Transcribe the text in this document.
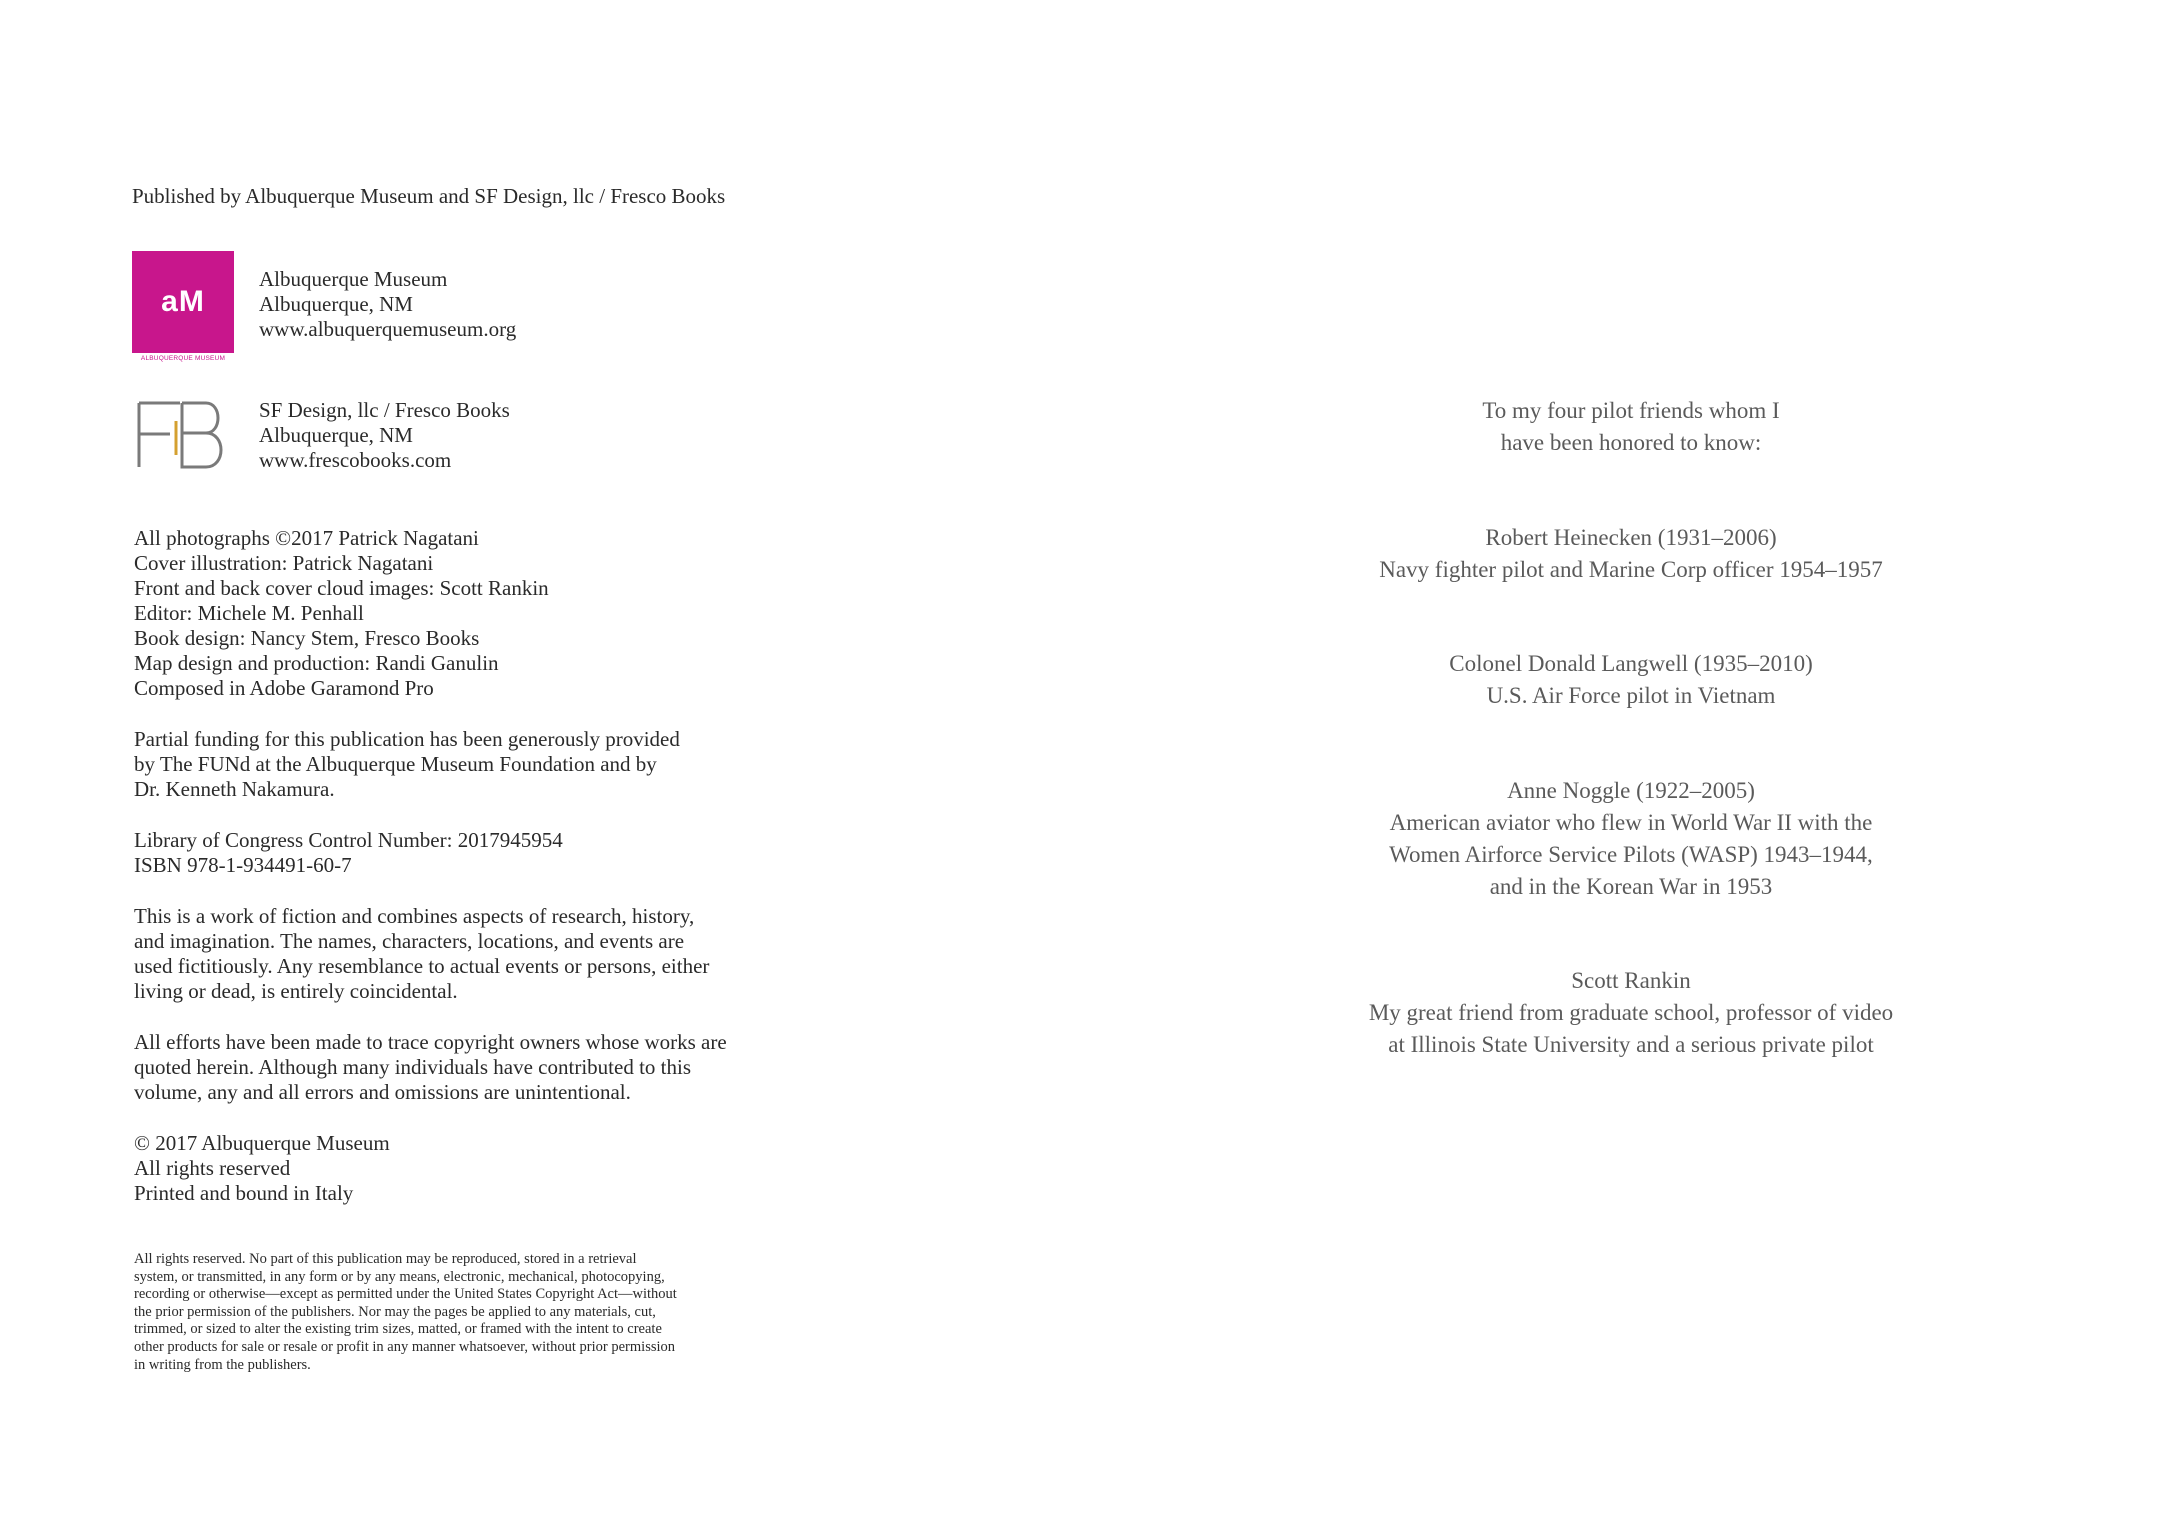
Published by Albuquerque Museum and SF Design, llc / Fresco Books
aM
ALBUQUERQUE MUSEUM
Albuquerque Museum
Albuquerque, NM
www.albuquerquemuseum.org
SF Design, llc / Fresco Books
Albuquerque, NM
www.frescobooks.com
All photographs ©2017 Patrick Nagatani
Cover illustration: Patrick Nagatani
Front and back cover cloud images: Scott Rankin
Editor: Michele M. Penhall
Book design: Nancy Stem, Fresco Books
Map design and production: Randi Ganulin
Composed in Adobe Garamond Pro
Partial funding for this publication has been generously provided
by The FUNd at the Albuquerque Museum Foundation and by
Dr. Kenneth Nakamura.
Library of Congress Control Number: 2017945954
ISBN 978-1-934491-60-7
This is a work of fiction and combines aspects of research, history,
and imagination. The names, characters, locations, and events are
used fictitiously. Any resemblance to actual events or persons, either
living or dead, is entirely coincidental.
All efforts have been made to trace copyright owners whose works are
quoted herein. Although many individuals have contributed to this
volume, any and all errors and omissions are unintentional.
© 2017 Albuquerque Museum
All rights reserved
Printed and bound in Italy
All rights reserved. No part of this publication may be reproduced, stored in a retrieval
system, or transmitted, in any form or by any means, electronic, mechanical, photocopying,
recording or otherwise—except as permitted under the United States Copyright Act—without
the prior permission of the publishers. Nor may the pages be applied to any materials, cut,
trimmed, or sized to alter the existing trim sizes, matted, or framed with the intent to create
other products for sale or resale or profit in any manner whatsoever, without prior permission
in writing from the publishers.
To my four pilot friends whom I
have been honored to know:
Robert Heinecken (1931–2006)
Navy fighter pilot and Marine Corp officer 1954–1957
Colonel Donald Langwell (1935–2010)
U.S. Air Force pilot in Vietnam
Anne Noggle (1922–2005)
American aviator who flew in World War II with the
Women Airforce Service Pilots (WASP) 1943–1944,
and in the Korean War in 1953
Scott Rankin
My great friend from graduate school, professor of video
at Illinois State University and a serious private pilot
